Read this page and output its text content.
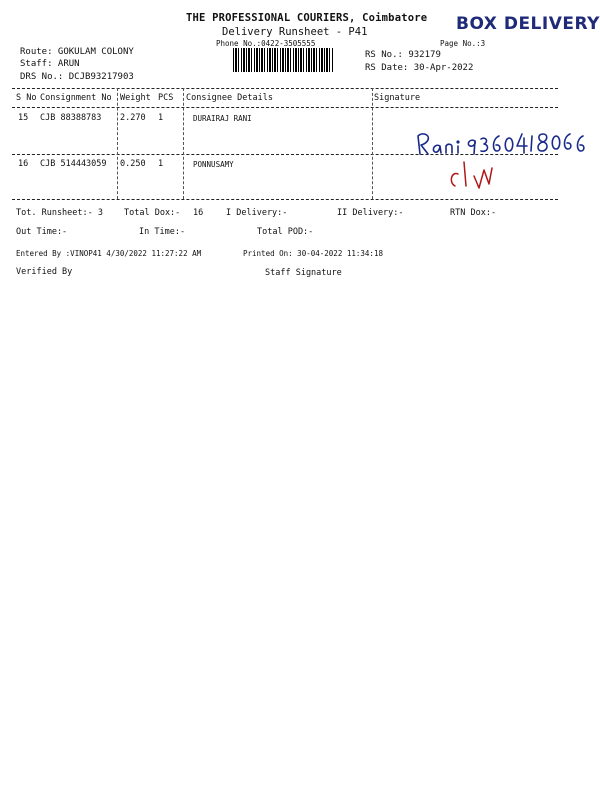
THE PROFESSIONAL COURIERS, Coimbatore
Delivery Runsheet - P41
Phone No.:0422-3505555	Page No.:3
BOX DELIVERY
Route: GOKULAM COLONY
Staff: ARUN
DRS No.: DCJB93217903
RS No.: 932179
RS Date: 30-Apr-2022
S No Consignment No Weight PCS Consignee Details	Signature
15 CJB 88388783 2.270 1	DURAIRAJ RANI
16 CJB 514443059 0.250 1	PONNUSAMY
Tot. Runsheet:- 3 Total Dox:- 16	I Delivery:-	II Delivery:-	RTN Dox:-
Out Time:-	In Time:-	Total POD:-
Entered By :VINOP41 4/30/2022 11:27:22 AM	Printed On: 30-04-2022 11:34:18
Verified By	Staff Signature
